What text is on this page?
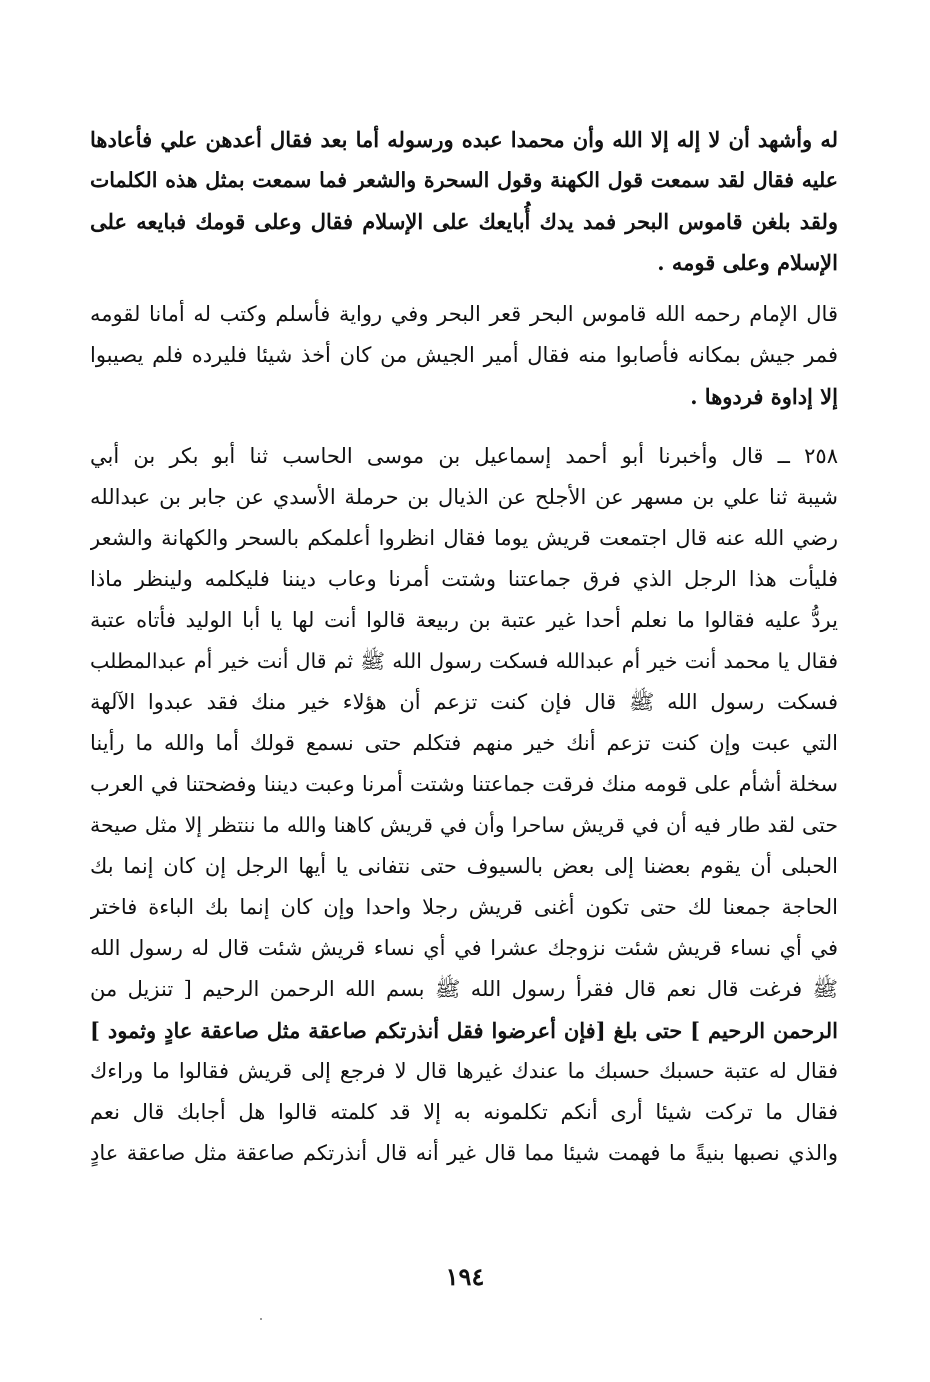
له وأشهد أن لا إله إلا الله وأن محمدا عبده ورسوله أما بعد فقال أعدهن علي فأعادها
عليه فقال لقد سمعت قول الكهنة وقول السحرة والشعر فما سمعت بمثل هذه الكلمات
ولقد بلغن قاموس البحر فمد يدك أُبايعك على الإسلام فقال وعلى قومك فبايعه على
الإسلام وعلى قومه .
قال الإمام رحمه الله قاموس البحر قعر البحر وفي رواية فأسلم وكتب له أمانا لقومه
فمر جيش بمكانه فأصابوا منه فقال أمير الجيش من كان أخذ شيئا فليرده فلم يصيبوا
إلا إداوة فردوها .
٢٥٨ ــ قال وأخبرنا أبو أحمد إسماعيل بن موسى الحاسب ثنا أبو بكر بن أبي
شيبة ثنا علي بن مسهر عن الأجلح عن الذيال بن حرملة الأسدي عن جابر بن عبدالله
رضي الله عنه قال اجتمعت قريش يوما فقال انظروا أعلمكم بالسحر والكهانة والشعر
فليأت هذا الرجل الذي فرق جماعتنا وشتت أمرنا وعاب ديننا فليكلمه ولينظر ماذا
يردُّ عليه فقالوا ما نعلم أحدا غير عتبة بن ربيعة قالوا أنت لها يا أبا الوليد فأتاه عتبة
فقال يا محمد أنت خير أم عبدالله فسكت رسول الله ﷺ ثم قال أنت خير أم عبدالمطلب
فسكت رسول الله ﷺ قال فإن كنت تزعم أن هؤلاء خير منك فقد عبدوا الآلهة
التي عبت وإن كنت تزعم أنك خير منهم فتكلم حتى نسمع قولك أما والله ما رأينا
سخلة أشأم على قومه منك فرقت جماعتنا وشتت أمرنا وعبت ديننا وفضحتنا في العرب
حتى لقد طار فيه أن في قريش ساحرا وأن في قريش كاهنا والله ما ننتظر إلا مثل صيحة
الحبلى أن يقوم بعضنا إلى بعض بالسيوف حتى نتفانى يا أيها الرجل إن كان إنما بك
الحاجة جمعنا لك حتى تكون أغنى قريش رجلا واحدا وإن كان إنما بك الباءة فاختر
في أي نساء قريش شئت نزوجك عشرا في أي نساء قريش شئت قال له رسول الله
ﷺ فرغت قال نعم قال فقرأ رسول الله ﷺ بسم الله الرحمن الرحيم [ تنزيل من
الرحمن الرحيم ] حتى بلغ [فإن أعرضوا فقل أنذرتكم صاعقة مثل صاعقة عادٍ وثمود ]
فقال له عتبة حسبك حسبك ما عندك غيرها قال لا فرجع إلى قريش فقالوا ما وراءك
فقال ما تركت شيئا أرى أنكم تكلمونه به إلا قد كلمته قالوا هل أجابك قال نعم
والذي نصبها بنيةً ما فهمت شيئا مما قال غير أنه قال أنذرتكم صاعقة مثل صاعقة عادٍ
١٩٤
